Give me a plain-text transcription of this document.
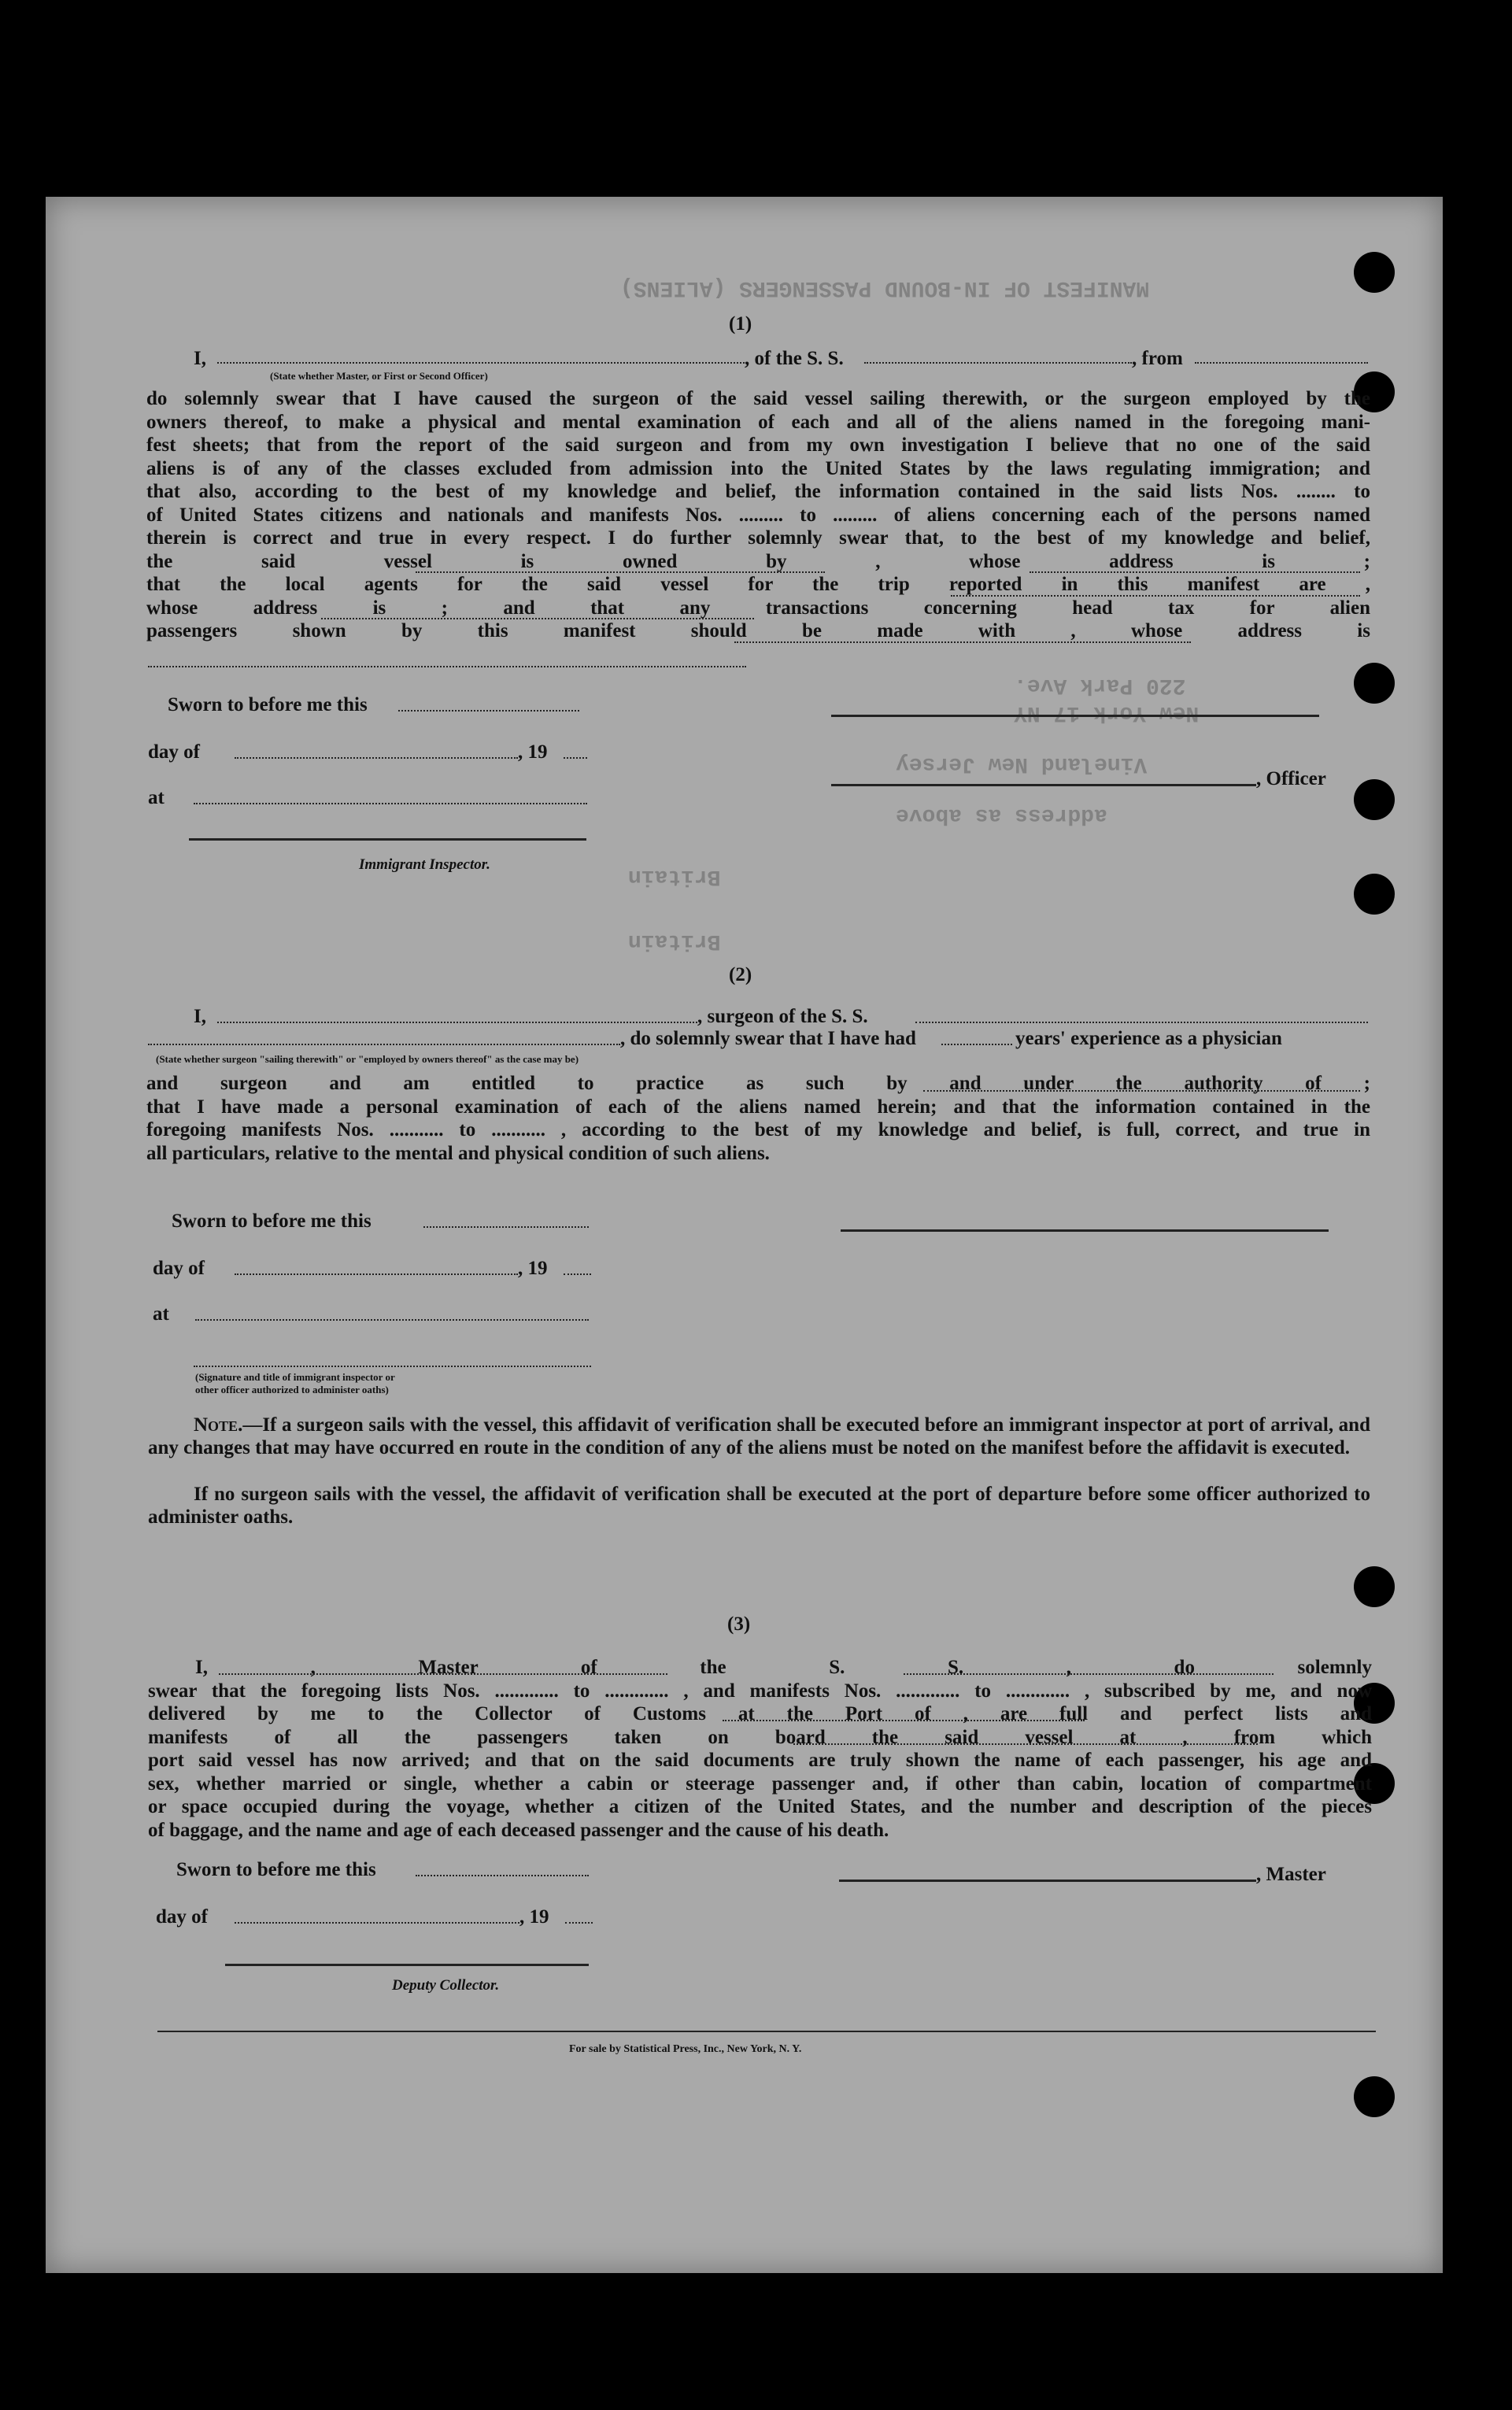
MANIFEST OF IN-BOUND PASSENGERS (ALIENS)
220 Park Ave.
New York 17 NY
Vineland New Jersey
address as above
Britain
Britain
(1)
I,	, of the S. S.	, from
(State whether Master, or First or Second Officer)
do solemnly swear that I have caused the surgeon of the said vessel sailing therewith, or the surgeon employed by the
owners thereof, to make a physical and mental examination of each and all of the aliens named in the foregoing mani-
fest sheets; that from the report of the said surgeon and from my own investigation I believe that no one of the said
aliens is of any of the classes excluded from admission into the United States by the laws regulating immigration; and
that also, according to the best of my knowledge and belief, the information contained in the said lists Nos. ........ to
of United States citizens and nationals and manifests Nos. ......... to ......... of aliens concerning each of the persons named
therein is correct and true in every respect. I do further solemnly swear that, to the best of my knowledge and belief,
the said vessel is owned by , whose address is ;
that the local agents for the said vessel for the trip reported in this manifest are ,
whose address is ; and that any transactions concerning head tax for alien
passengers shown by this manifest should be made with , whose address is
Sworn to before me this
day of	, 19
at
Immigrant Inspector.
, Officer
(2)
I,	, surgeon of the S. S.
, do solemnly swear that I have had	years' experience as a physician
(State whether surgeon "sailing therewith" or "employed by owners thereof" as the case may be)
and surgeon and am entitled to practice as such by and under the authority of ;
that I have made a personal examination of each of the aliens named herein; and that the information contained in the
foregoing manifests Nos. ........... to ........... , according to the best of my knowledge and belief, is full, correct, and true in
all particulars, relative to the mental and physical condition of such aliens.
Sworn to before me this
day of	, 19
at
(Signature and title of immigrant inspector or
other officer authorized to administer oaths)
Note.—If a surgeon sails with the vessel, this affidavit of verification shall be executed before an immigrant inspector at port of arrival, and any changes that may have occurred en route in the condition of any of the aliens must be noted on the manifest before the affidavit is executed.
If no surgeon sails with the vessel, the affidavit of verification shall be executed at the port of departure before some officer authorized to administer oaths.
(3)
I, , Master of the S. S. , do solemnly
swear that the foregoing lists Nos. ............. to ............. , and manifests Nos. ............. to ............. , subscribed by me, and now
delivered by me to the Collector of Customs at the Port of , are full and perfect lists and
manifests of all the passengers taken on board the said vessel at , from which
port said vessel has now arrived; and that on the said documents are truly shown the name of each passenger, his age and
sex, whether married or single, whether a cabin or steerage passenger and, if other than cabin, location of compartment
or space occupied during the voyage, whether a citizen of the United States, and the number and description of the pieces
of baggage, and the name and age of each deceased passenger and the cause of his death.
Sworn to before me this
day of	, 19
Deputy Collector.
, Master
For sale by Statistical Press, Inc., New York, N. Y.
